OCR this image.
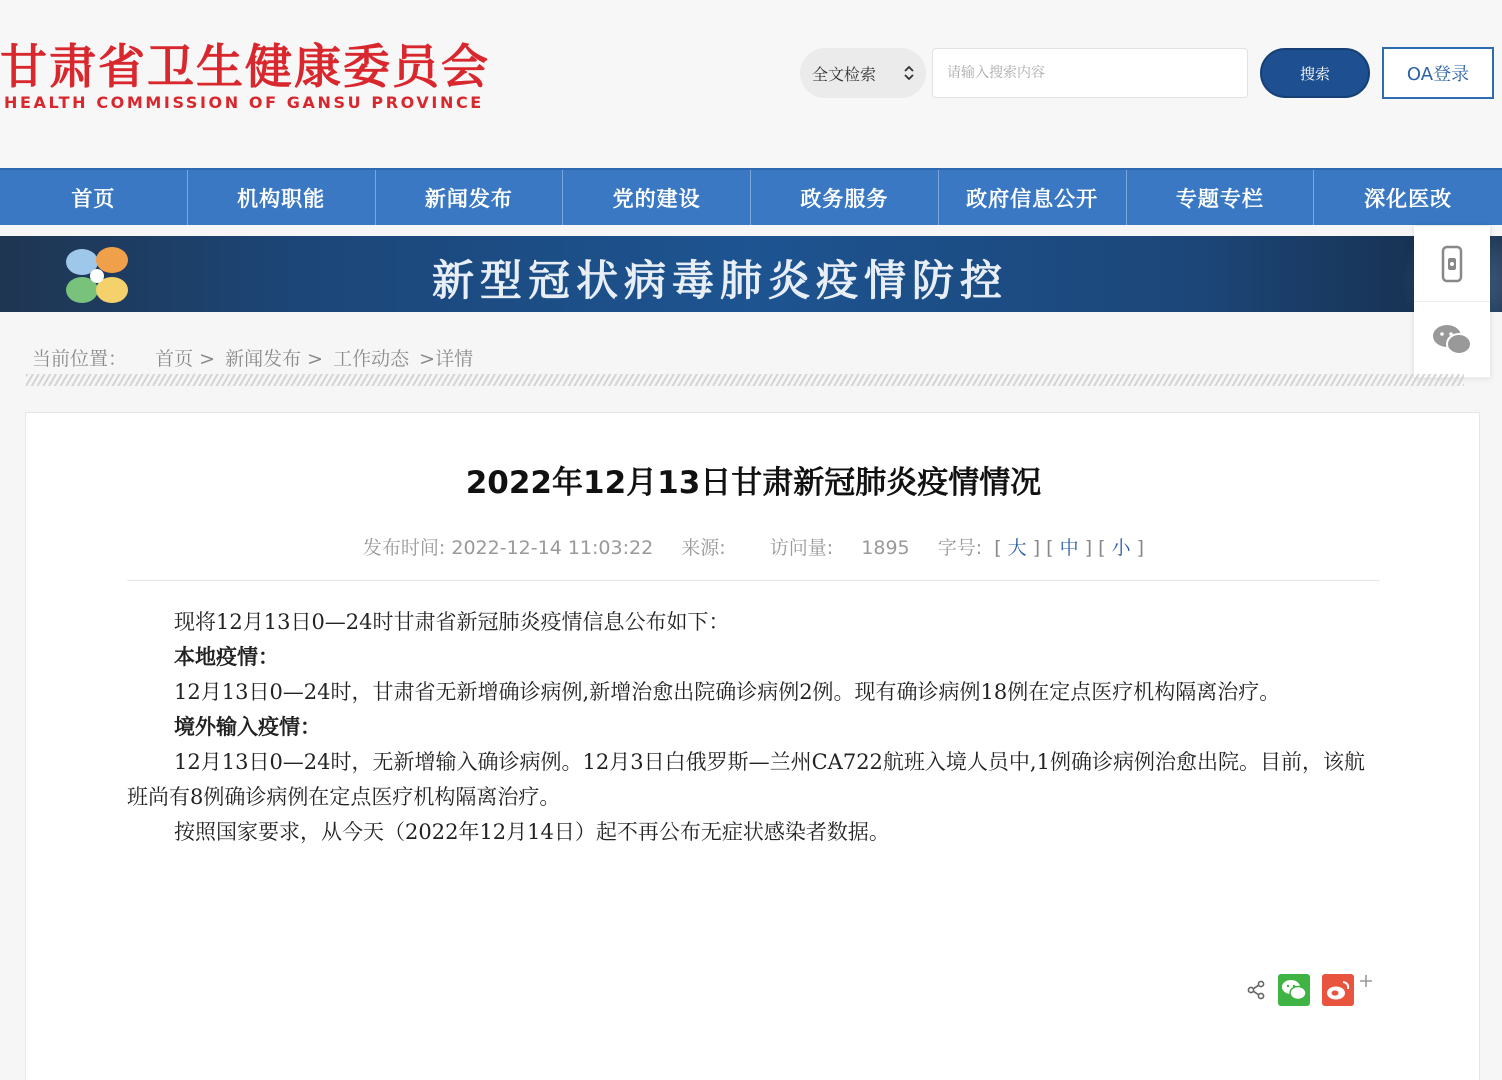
甘肃省卫生健康委员会
HEALTH COMMISSION OF GANSU PROVINCE
全文检索
请输入搜索内容	搜索	OA登录
首页	机构职能	新闻发布	党的建设	政务服务	政府信息公开	专题专栏	深化医改
新型冠状病毒肺炎疫情防控
当前位置： 首页 > 新闻发布 > 工作动态 >详情
2022年12月13日甘肃新冠肺炎疫情情况
发布时间: 2022-12-14 11:03:22 来源: 访问量: 1895 字号:  [ 大 ] [ 中 ] [ 小 ]

现将12月13日0—24时甘肃省新冠肺炎疫情信息公布如下：

本地疫情：

12月13日0—24时，甘肃省无新增确诊病例,新增治愈出院确诊病例2例。现有确诊病例18例在定点医疗机构隔离治疗。

境外输入疫情：

12月13日0—24时，无新增输入确诊病例。12月3日白俄罗斯—兰州CA722航班入境人员中,1例确诊病例治愈出院。目前，该航班尚有8例确诊病例在定点医疗机构隔离治疗。

按照国家要求，从今天（2022年12月14日）起不再公布无症状感染者数据。
